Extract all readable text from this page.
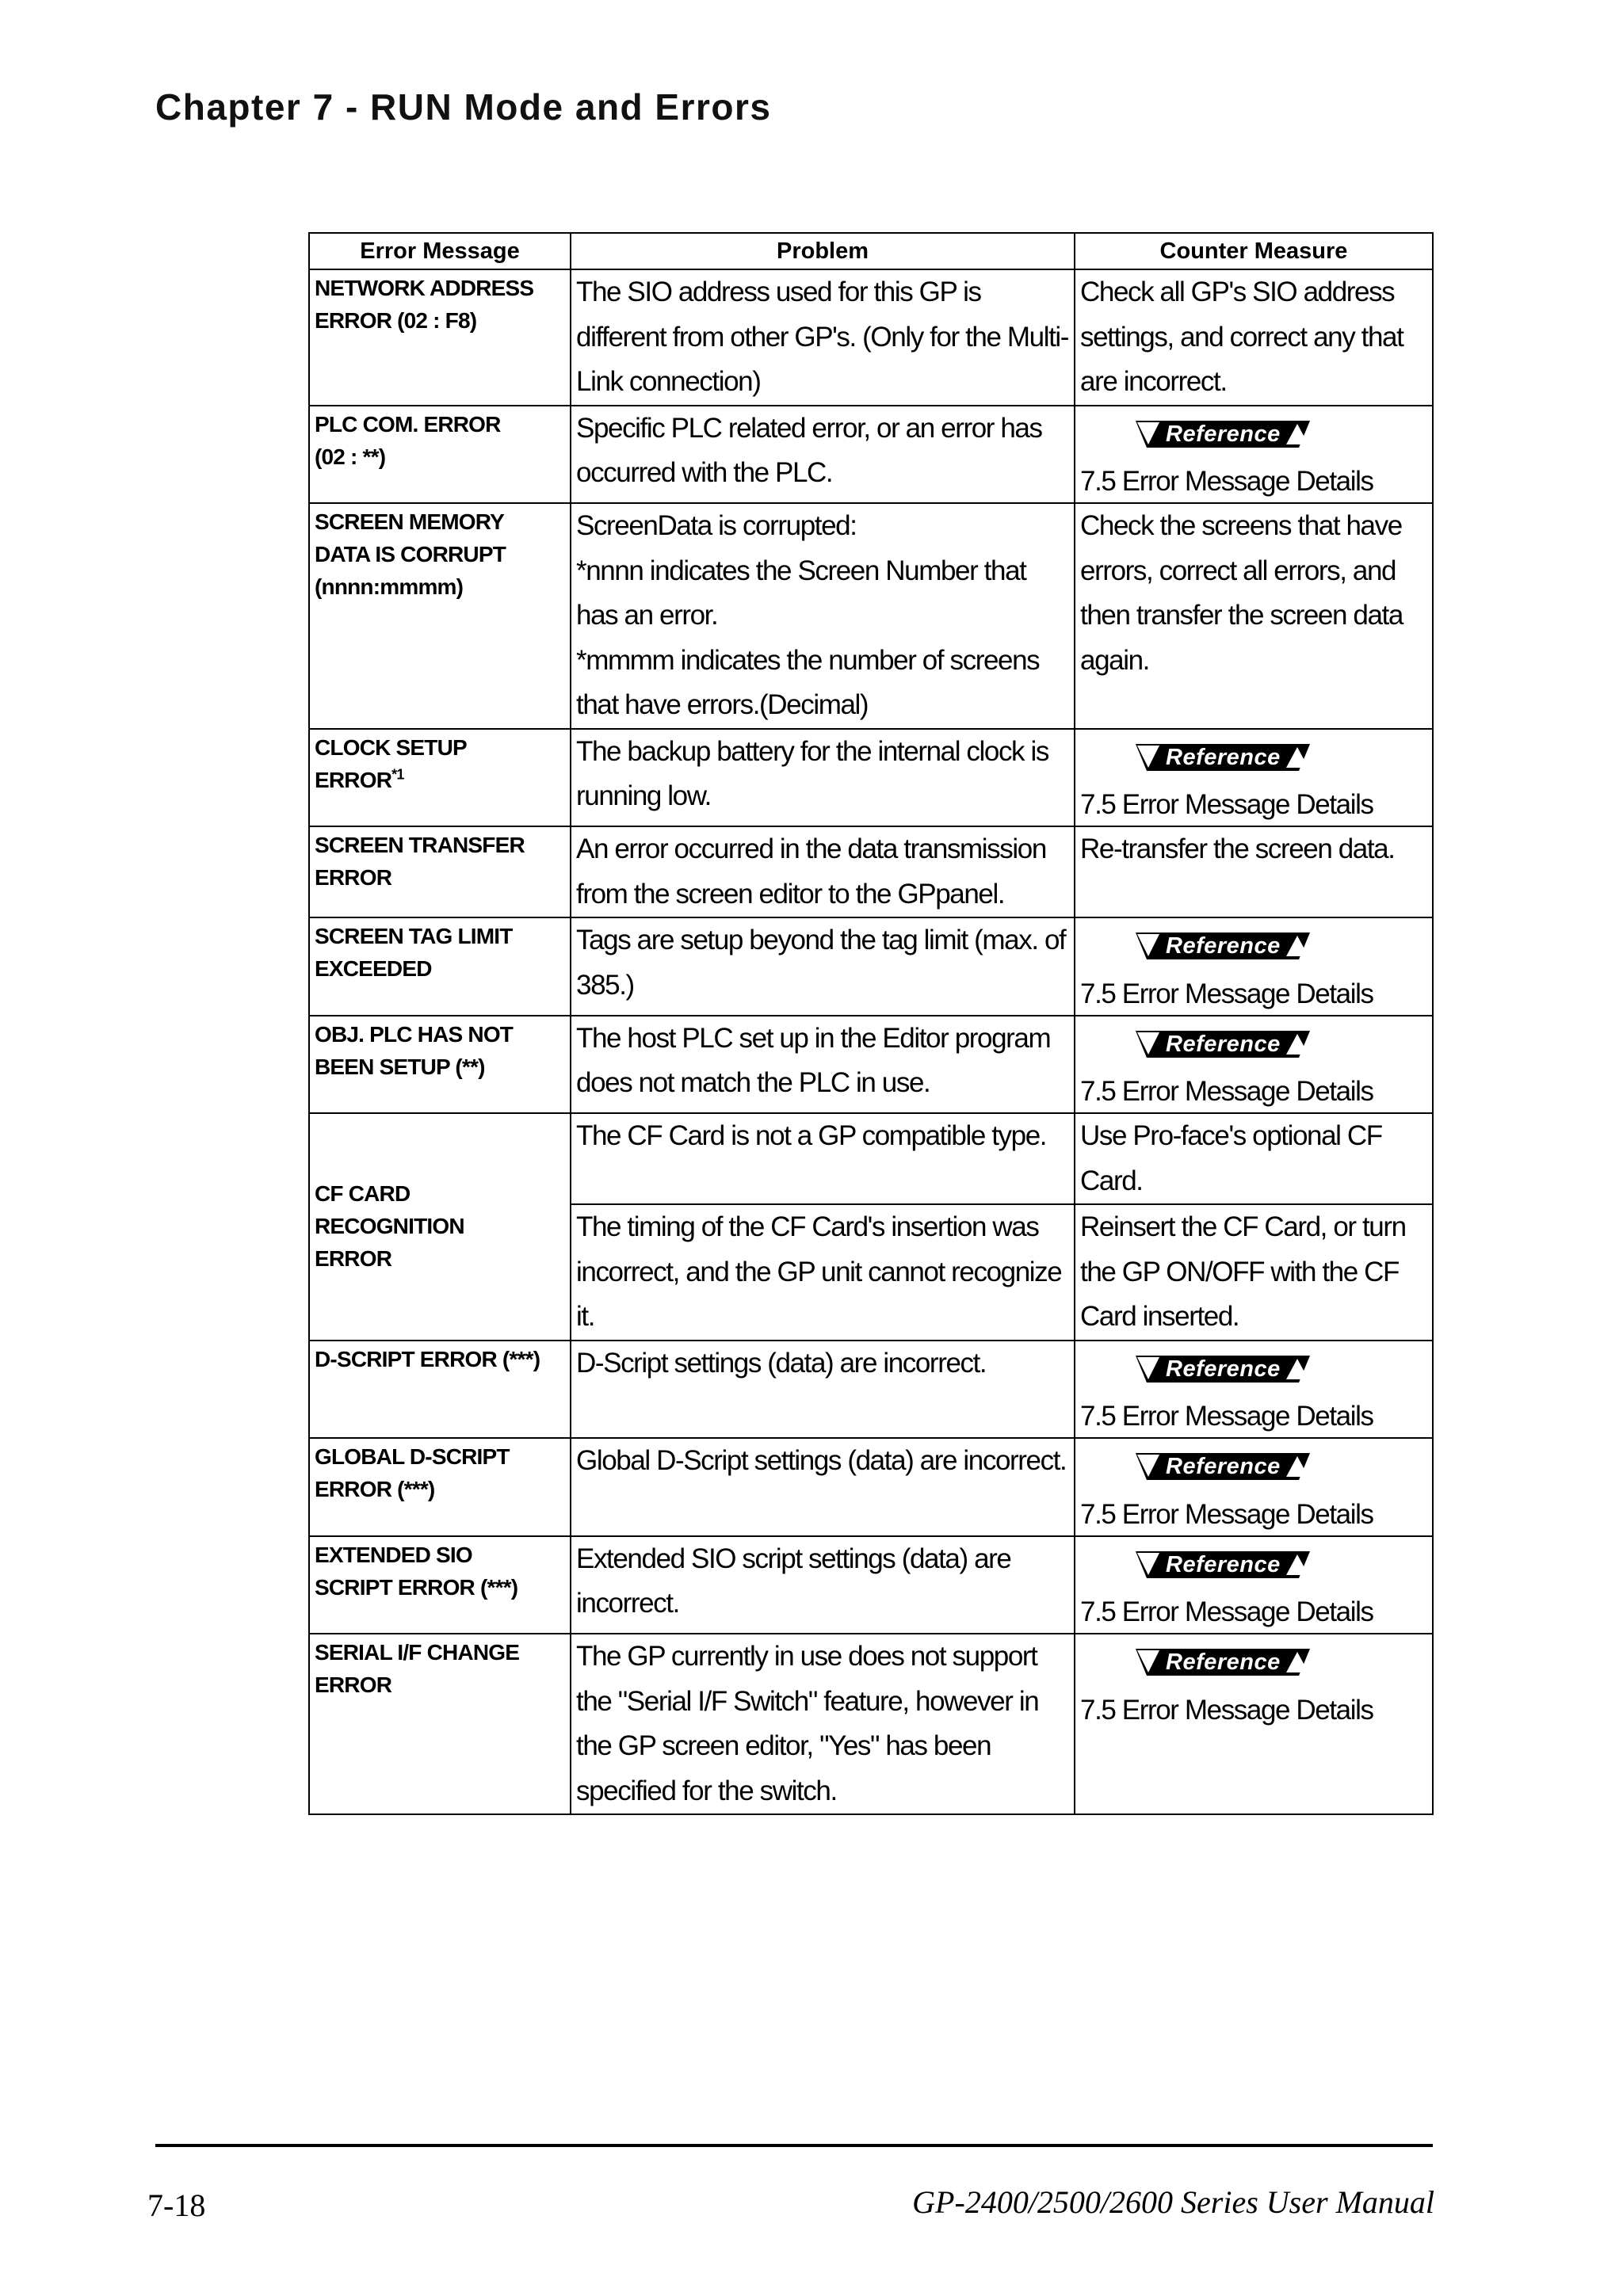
Chapter 7 - RUN Mode and Errors
Error Message	Problem	Counter Measure
NETWORK ADDRESS
ERROR (02 : F8)	The SIO address used for this GP is different from other GP's. (Only for the Multi-Link connection)	Check all GP's SIO address settings, and correct any that are incorrect.
PLC COM. ERROR
(02 : **)	Specific PLC related error, or an error has occurred with the PLC.	Reference
7.5 Error Message Details

SCREEN MEMORY
DATA IS CORRUPT
(nnnn:mmmm)	ScreenData is corrupted:
*nnnn indicates the Screen Number that has an error.
*mmmm indicates the number of screens that have errors.(Decimal)	Check the screens that have errors, correct all errors, and then transfer the screen data again.
CLOCK SETUP
ERROR$^{*1}$	The backup battery for the internal clock is running low.	Reference
7.5 Error Message Details

SCREEN TRANSFER
ERROR	An error occurred in the data transmission from the screen editor to the GPpanel.	Re-transfer the screen data.
SCREEN TAG LIMIT
EXCEEDED	Tags are setup beyond the tag limit (max. of 385.)	Reference
7.5 Error Message Details

OBJ. PLC HAS NOT
BEEN SETUP (**)	The host PLC set up in the Editor program does not match the PLC in use.	Reference
7.5 Error Message Details

CF CARD
RECOGNITION
ERROR	The CF Card is not a GP compatible type.	Use Pro-face's optional CF Card.
	The timing of the CF Card's insertion was incorrect, and the GP unit cannot recognize it.	Reinsert the CF Card, or turn the GP ON/OFF with the CF Card inserted.
D-SCRIPT ERROR (***)	D-Script settings (data) are incorrect.	Reference
7.5 Error Message Details

GLOBAL D-SCRIPT
ERROR (***)	Global D-Script settings (data) are incorrect.	Reference
7.5 Error Message Details

EXTENDED SIO
SCRIPT ERROR (***)	Extended SIO script settings (data) are incorrect.	Reference
7.5 Error Message Details

SERIAL I/F CHANGE
ERROR	The GP currently in use does not support the "Serial I/F Switch" feature, however in the GP screen editor, "Yes" has been specified for the switch.	Reference
7.5 Error Message Details
7-18	GP-2400/2500/2600 Series User Manual
